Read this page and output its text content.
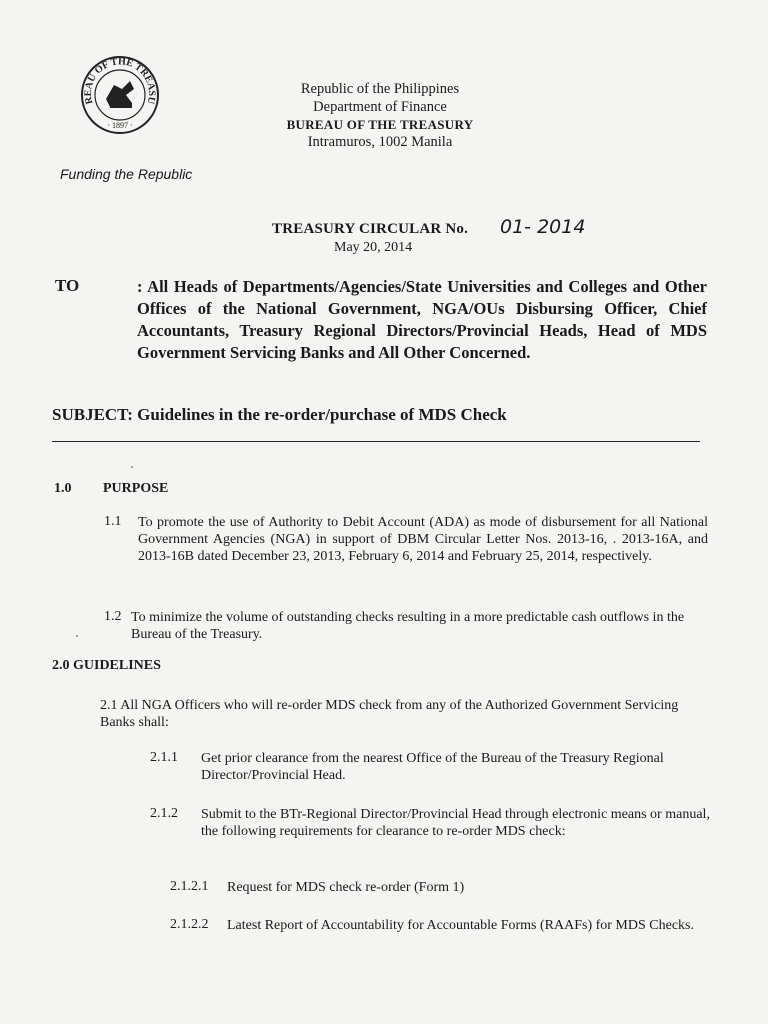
REAU OF THE TREASU
· 1897 ·
Republic of the Philippines
Department of Finance
BUREAU OF THE TREASURY
Intramuros, 1002 Manila
Funding the Republic
TREASURY CIRCULAR No. 01- 2014
May 20, 2014
TO	: All Heads of Departments/Agencies/State Universities and Colleges and Other Offices of the National Government, NGA/OUs Disbursing Officer, Chief Accountants, Treasury Regional Directors/Provincial Heads, Head of MDS Government Servicing Banks and All Other Concerned.
SUBJECT: Guidelines in the re-order/purchase of MDS Check
1.0 PURPOSE
1.1 To promote the use of Authority to Debit Account (ADA) as mode of disbursement for all National Government Agencies (NGA) in support of DBM Circular Letter Nos. 2013-16, . 2013-16A, and 2013-16B dated December 23, 2013, February 6, 2014 and February 25, 2014, respectively.
1.2 To minimize the volume of outstanding checks resulting in a more predictable cash outflows in the Bureau of the Treasury.
2.0 GUIDELINES
2.1 All NGA Officers who will re-order MDS check from any of the Authorized Government Servicing Banks shall:
2.1.1 Get prior clearance from the nearest Office of the Bureau of the Treasury Regional Director/Provincial Head.
2.1.2 Submit to the BTr-Regional Director/Provincial Head through electronic means or manual, the following requirements for clearance to re-order MDS check:
2.1.2.1 Request for MDS check re-order (Form 1)
2.1.2.2 Latest Report of Accountability for Accountable Forms (RAAFs) for MDS Checks.
